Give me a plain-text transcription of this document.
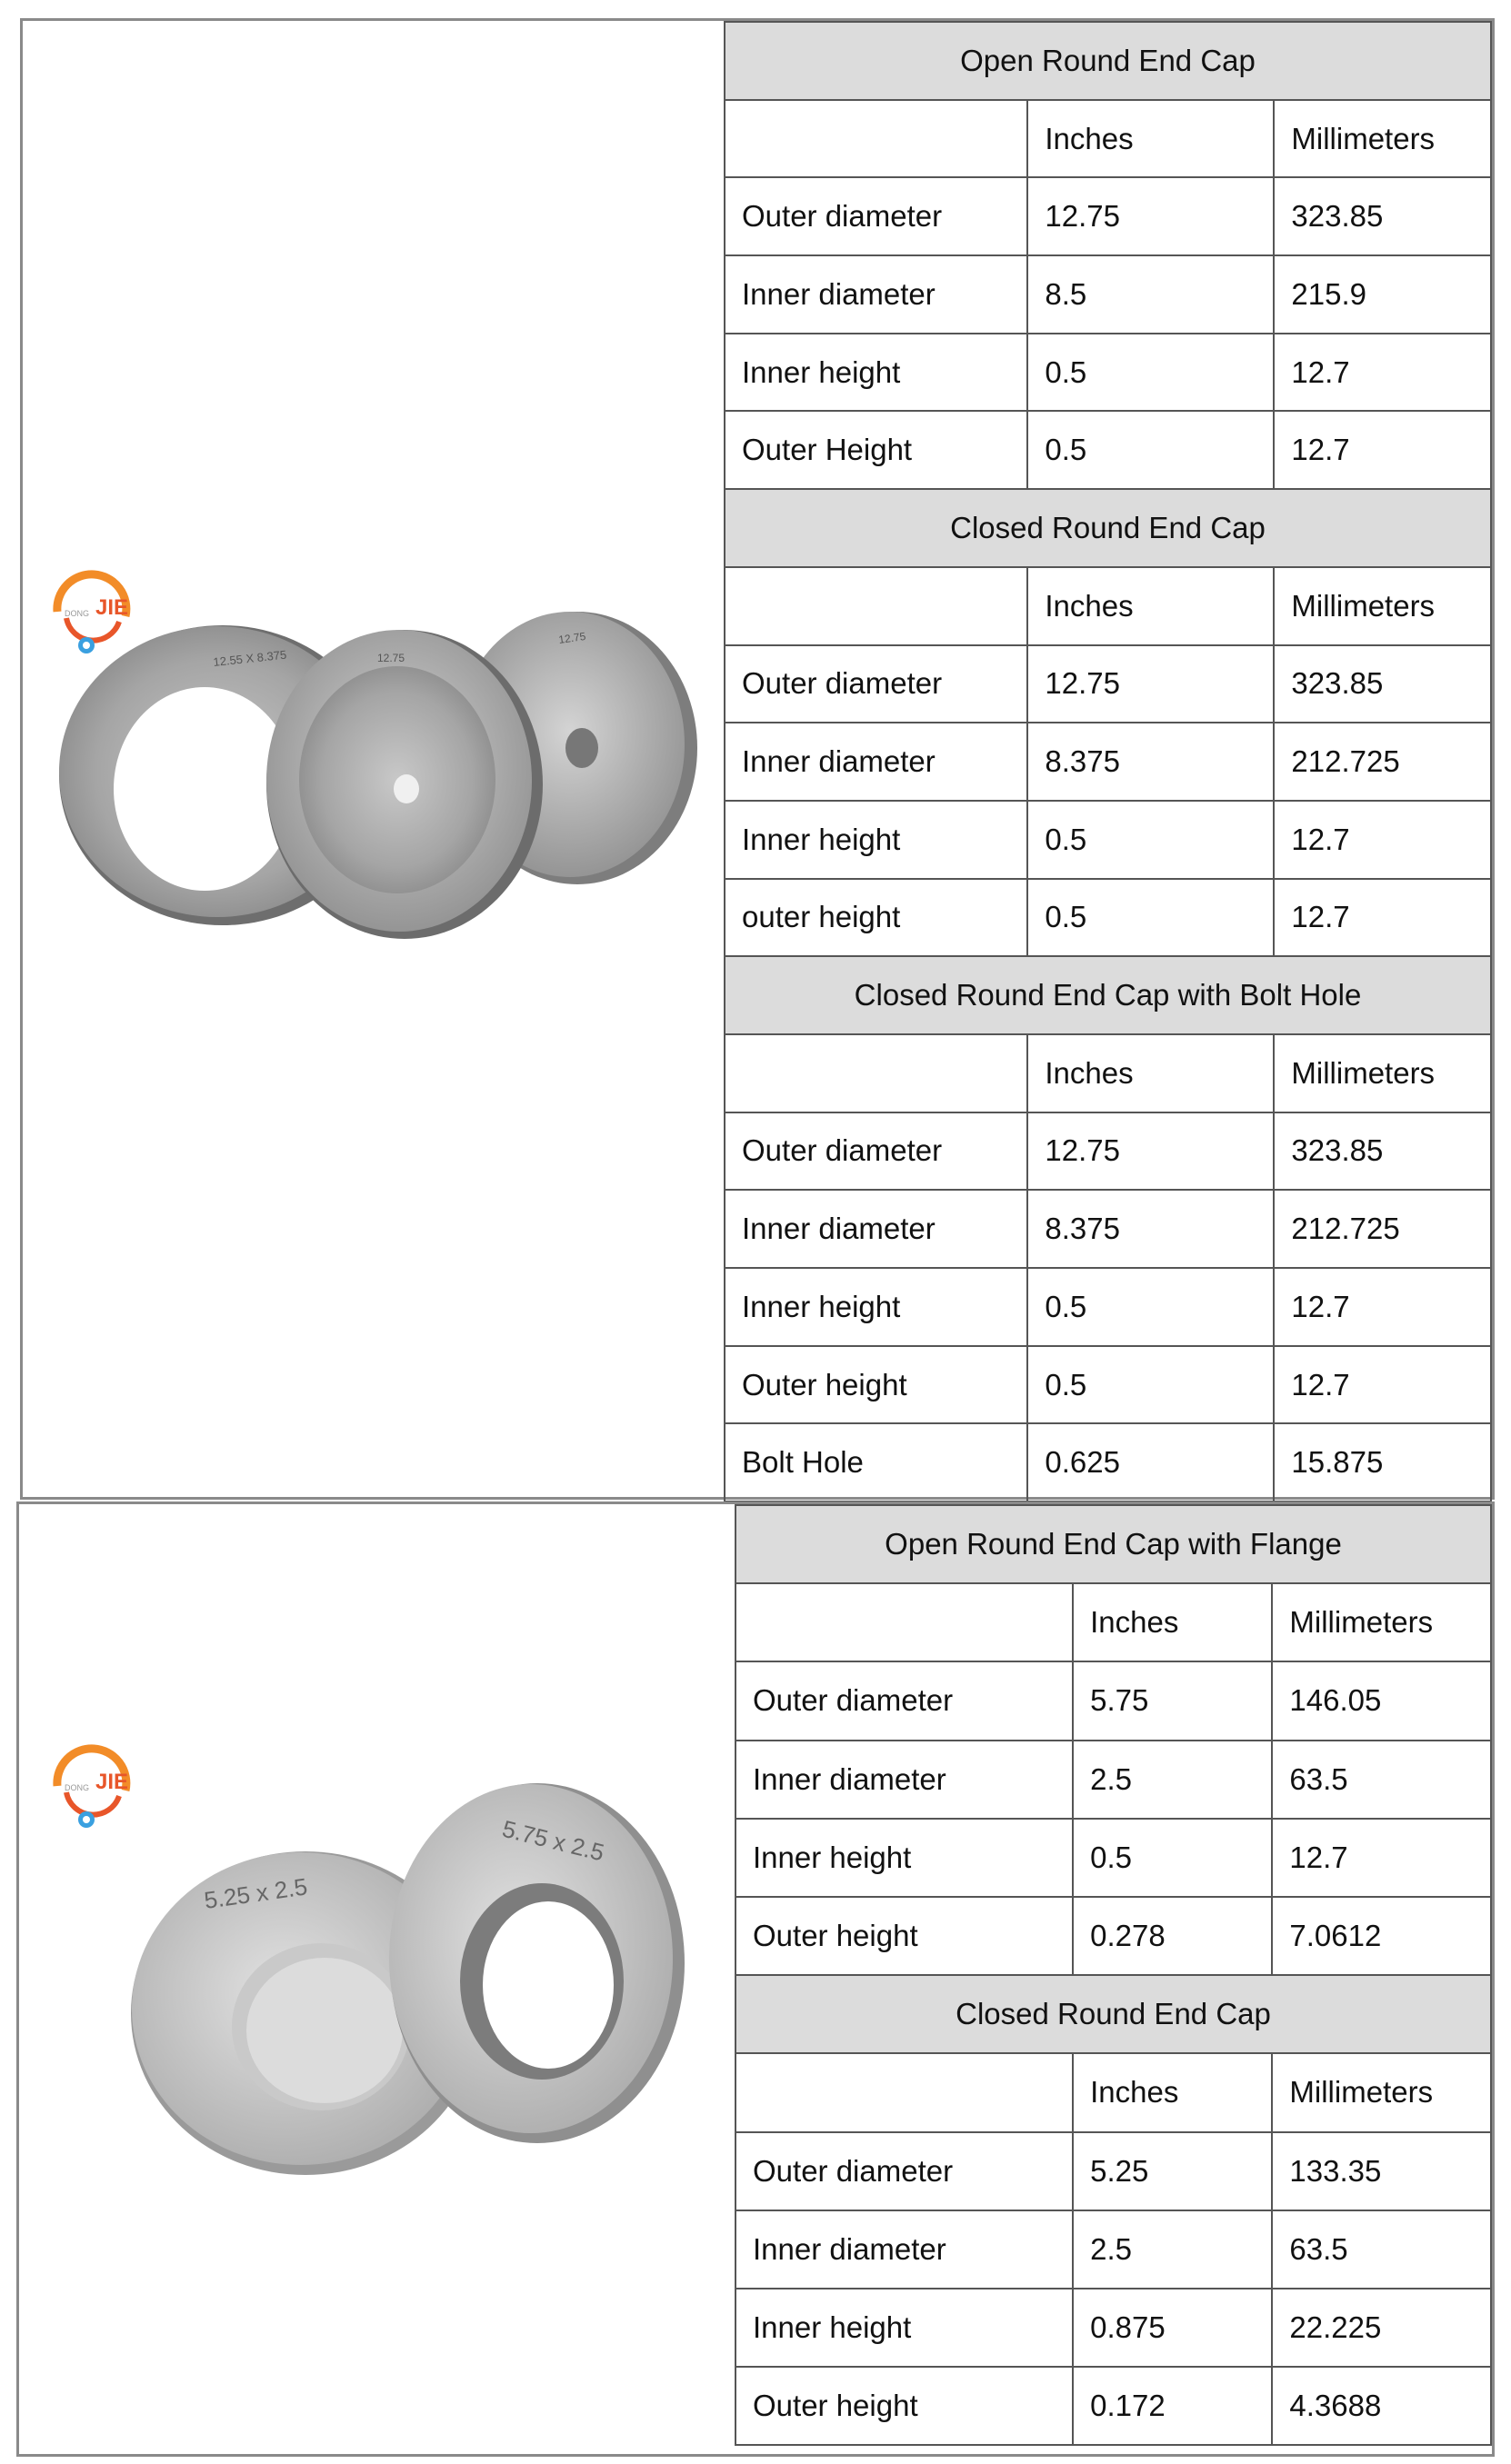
DONG JIE
12.75
12.55 X 8.375	12.75
Open Round End Cap		
	Inches	Millimeters
Outer diameter	12.75	323.85
Inner diameter	8.5	215.9
Inner height	0.5	12.7
Outer Height	0.5	12.7
Closed Round End Cap		
	Inches	Millimeters
Outer diameter	12.75	323.85
Inner diameter	8.375	212.725
Inner height	0.5	12.7
outer height	0.5	12.7
Closed Round End Cap with Bolt Hole		
	Inches	Millimeters
Outer diameter	12.75	323.85
Inner diameter	8.375	212.725
Inner height	0.5	12.7
Outer height	0.5	12.7
Bolt Hole	0.625	15.875
DONG JIE
5.25 x 2.5
5.75 x 2.5
Open Round End Cap with Flange		
	Inches	Millimeters
Outer diameter	5.75	146.05
Inner diameter	2.5	63.5
Inner height	0.5	12.7
Outer height	0.278	7.0612
Closed Round End Cap		
	Inches	Millimeters
Outer diameter	5.25	133.35
Inner diameter	2.5	63.5
Inner height	0.875	22.225
Outer height	0.172	4.3688
